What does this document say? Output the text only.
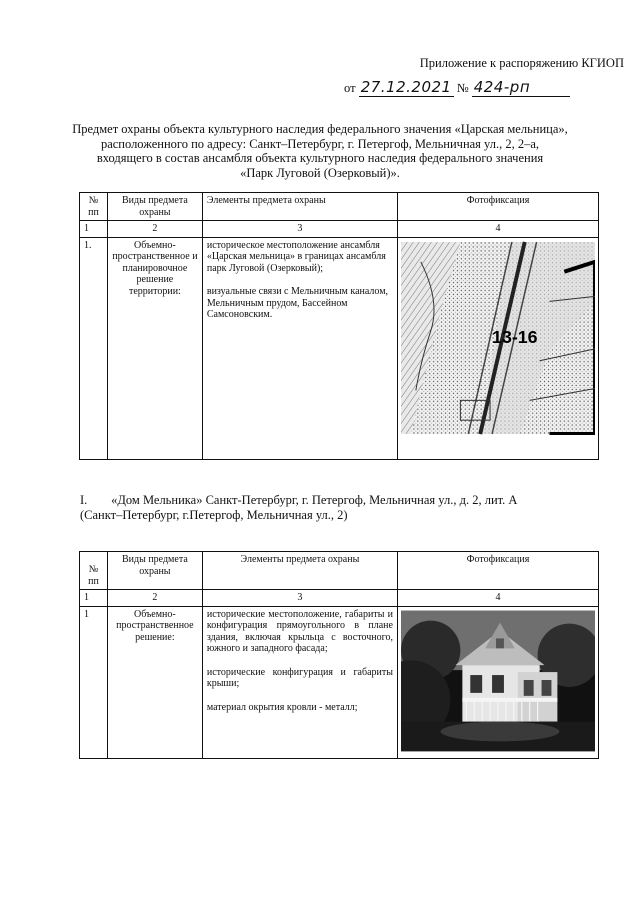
Приложение к распоряжению КГИОП
от 27.12.2021 № 424-рп
Предмет охраны объекта культурного наследия федерального значения «Царская мельница»,
расположенного по адресу: Санкт–Петербург, г. Петергоф, Мельничная ул., 2, 2–а,
входящего в состав ансамбля объекта культурного наследия федерального значения
«Парк Луговой (Озерковый)».
№ пп	Виды предмета охраны	Элементы предмета охраны	Фотофиксация
1	2	3	4
1.	Объемно-пространственное и планировочное решение территории:	историческое местоположение ансамбля «Царская мельница» в границах ансамбля парк Луговой (Озерковый);

визуальные связи с Мельничным каналом, Мельничным прудом, Бассейном Самсоновским.	13-16
I. «Дом Мельника» Санкт-Петербург, г. Петергоф, Мельничная ул., д. 2, лит. А
(Санкт–Петербург, г.Петергоф, Мельничная ул., 2)
№ пп	Виды предмета охраны	Элементы предмета охраны	Фотофиксация
1	2	3	4
1	Объемно-пространственное решение:	исторические местоположение, габариты и конфигурация прямоугольного в плане здания, включая крыльца с восточного, южного и западного фасада;

исторические конфигурация и габариты крыши;

материал окрытия кровли - металл;
